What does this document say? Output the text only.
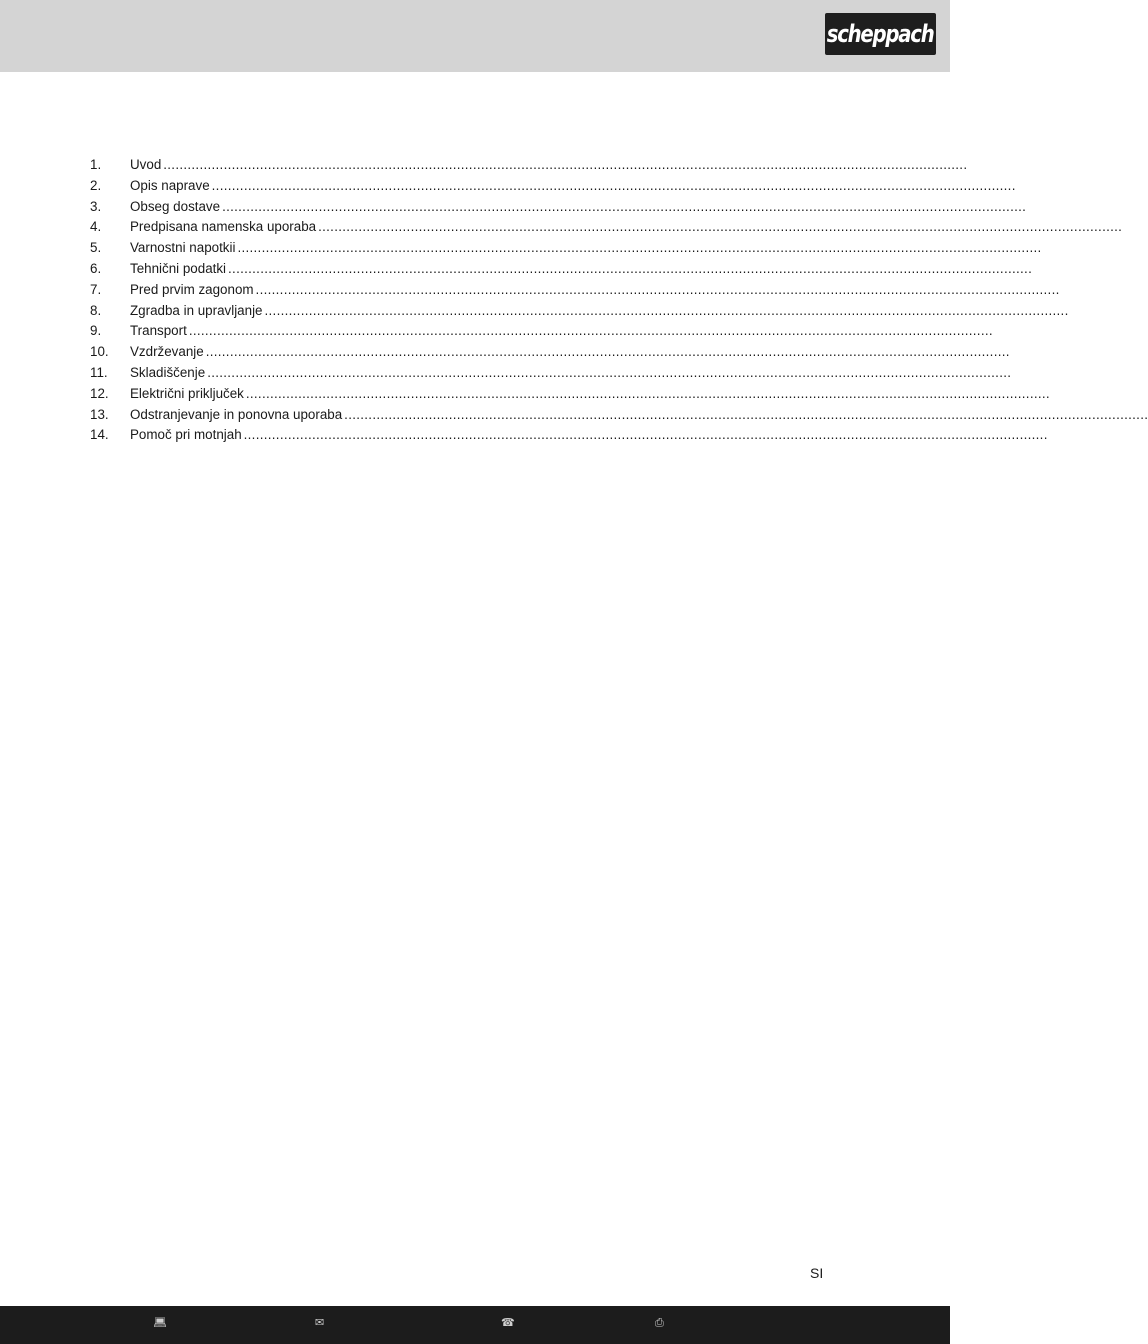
scheppach
1.	Uvod ........................................................................................................................................................................................................
2.	Opis naprave ........................................................................................................................................................................................................
3.	Obseg dostave ........................................................................................................................................................................................................
4.	Predpisana namenska uporaba ........................................................................................................................................................................................................
5.	Varnostni napotkii ........................................................................................................................................................................................................
6.	Tehnični podatki ........................................................................................................................................................................................................
7.	Pred prvim zagonom ........................................................................................................................................................................................................
8.	Zgradba in upravljanje ........................................................................................................................................................................................................
9.	Transport ........................................................................................................................................................................................................
10.	Vzdrževanje ........................................................................................................................................................................................................
11.	Skladiščenje ........................................................................................................................................................................................................
12.	Električni priključek ........................................................................................................................................................................................................
13.	Odstranjevanje in ponovna uporaba ........................................................................................................................................................................................................
14.	Pomoč pri motnjah ........................................................................................................................................................................................................
SI
💻︎	✉	☎	⎙
